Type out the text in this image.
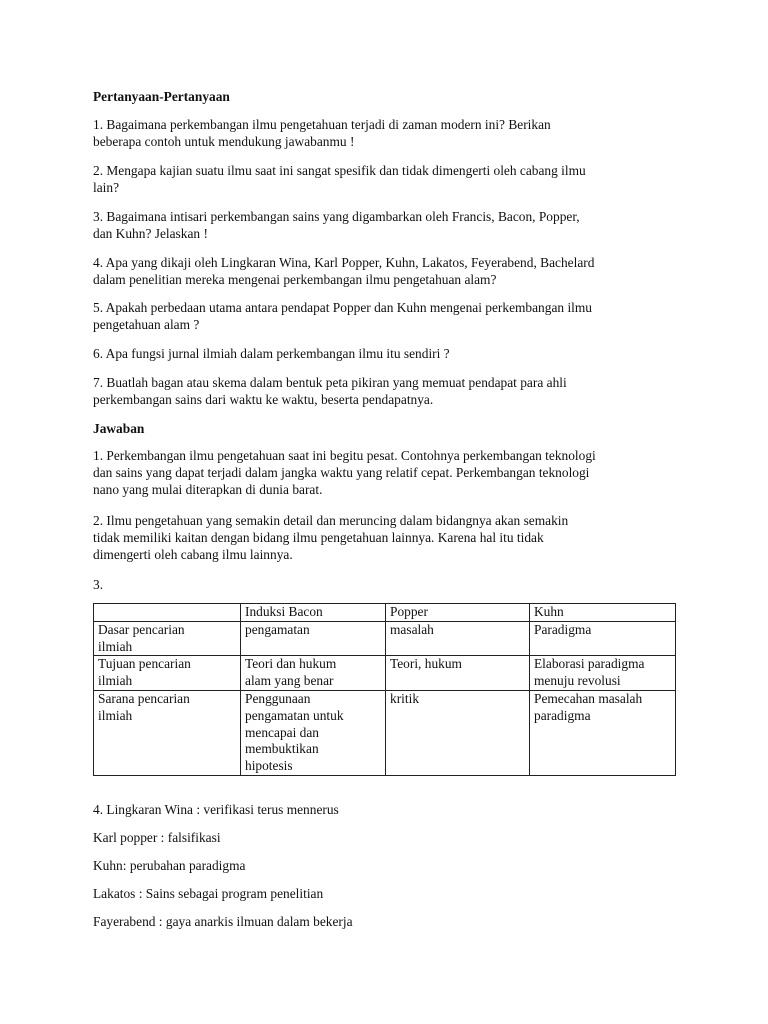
Pertanyaan-Pertanyaan
1. Bagaimana perkembangan ilmu pengetahuan terjadi di zaman modern ini? Berikan
beberapa contoh untuk mendukung jawabanmu !
2. Mengapa kajian suatu ilmu saat ini sangat spesifik dan tidak dimengerti oleh cabang ilmu
lain?
3. Bagaimana intisari perkembangan sains yang digambarkan oleh Francis, Bacon, Popper,
dan Kuhn? Jelaskan !
4. Apa yang dikaji oleh Lingkaran Wina, Karl Popper, Kuhn, Lakatos, Feyerabend, Bachelard
dalam penelitian mereka mengenai perkembangan ilmu pengetahuan alam?
5. Apakah perbedaan utama antara pendapat Popper dan Kuhn mengenai perkembangan ilmu
pengetahuan alam ?
6. Apa fungsi jurnal ilmiah dalam perkembangan ilmu itu sendiri ?
7. Buatlah bagan atau skema dalam bentuk peta pikiran yang memuat pendapat para ahli
perkembangan sains dari waktu ke waktu, beserta pendapatnya.
Jawaban
1. Perkembangan ilmu pengetahuan saat ini begitu pesat. Contohnya perkembangan teknologi
dan sains yang dapat terjadi dalam jangka waktu yang relatif cepat. Perkembangan teknologi
nano yang mulai diterapkan di dunia barat.
2. Ilmu pengetahuan yang semakin detail dan meruncing dalam bidangnya akan semakin
tidak memiliki kaitan dengan bidang ilmu pengetahuan lainnya. Karena hal itu tidak
dimengerti oleh cabang ilmu lainnya.
3.

	Induksi Bacon	Popper	Kuhn

Dasar pencarian
ilmiah	pengamatan	masalah	Paradigma

Tujuan pencarian
ilmiah	Teori dan hukum
alam yang benar	Teori, hukum	Elaborasi paradigma
menuju revolusi

Sarana pencarian
ilmiah	Penggunaan
pengamatan untuk
mencapai dan
membuktikan
hipotesis	kritik	Pemecahan masalah
paradigma
4. Lingkaran Wina : verifikasi terus mennerus
Karl popper : falsifikasi
Kuhn: perubahan paradigma
Lakatos : Sains sebagai program penelitian
Fayerabend : gaya anarkis ilmuan dalam bekerja
